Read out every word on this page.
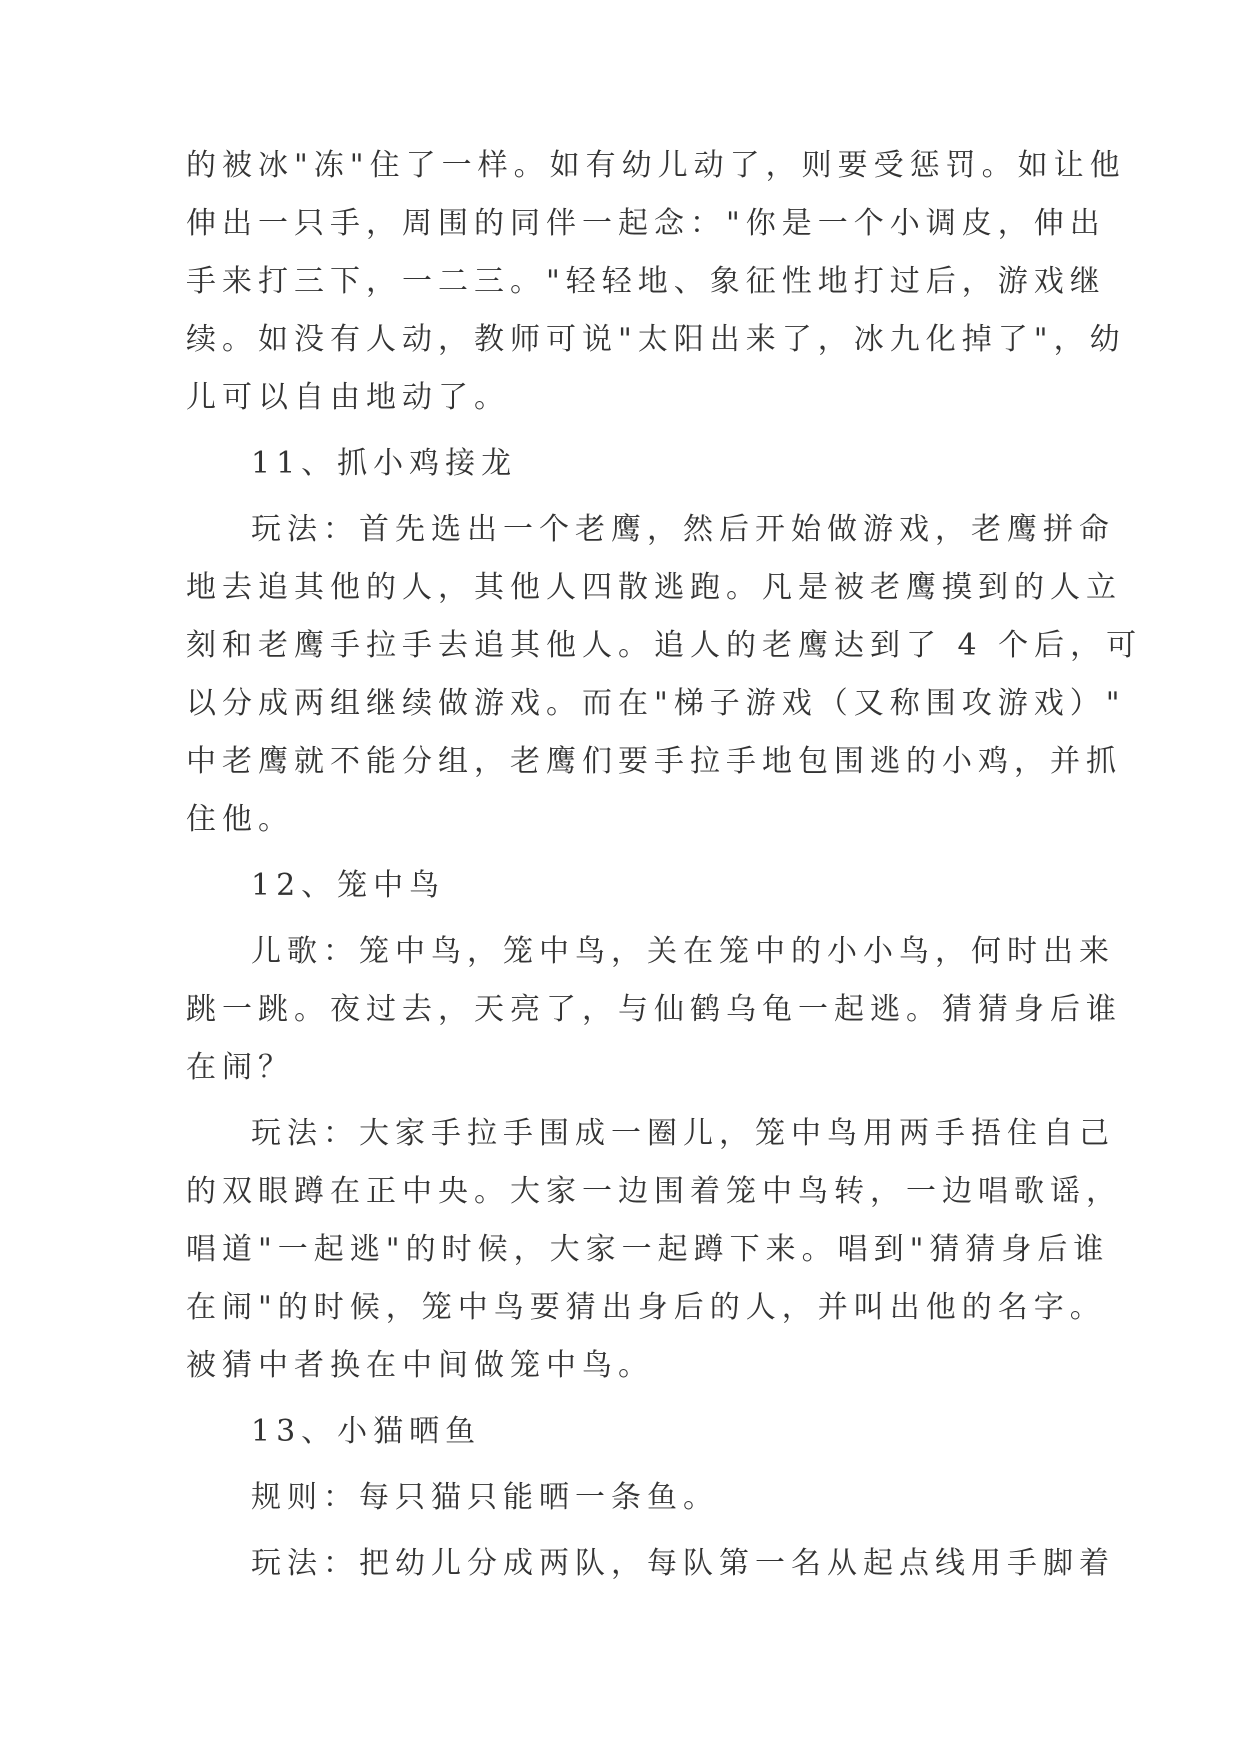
的被冰"冻"住了一样。如有幼儿动了，则要受惩罚。如让他
伸出一只手，周围的同伴一起念："你是一个小调皮，伸出
手来打三下，一二三。"轻轻地、象征性地打过后，游戏继
续。如没有人动，教师可说"太阳出来了，冰九化掉了"，幼
儿可以自由地动了。
11、抓小鸡接龙
玩法：首先选出一个老鹰，然后开始做游戏，老鹰拼命
地去追其他的人，其他人四散逃跑。凡是被老鹰摸到的人立
刻和老鹰手拉手去追其他人。追人的老鹰达到了 4 个后，可
以分成两组继续做游戏。而在"梯子游戏（又称围攻游戏）"
中老鹰就不能分组，老鹰们要手拉手地包围逃的小鸡，并抓
住他。
12、笼中鸟
儿歌：笼中鸟，笼中鸟，关在笼中的小小鸟，何时出来
跳一跳。夜过去，天亮了，与仙鹤乌龟一起逃。猜猜身后谁
在闹？
玩法：大家手拉手围成一圈儿，笼中鸟用两手捂住自己
的双眼蹲在正中央。大家一边围着笼中鸟转，一边唱歌谣，
唱道"一起逃"的时候，大家一起蹲下来。唱到"猜猜身后谁
在闹"的时候，笼中鸟要猜出身后的人，并叫出他的名字。
被猜中者换在中间做笼中鸟。
13、小猫晒鱼
规则：每只猫只能晒一条鱼。
玩法：把幼儿分成两队，每队第一名从起点线用手脚着
